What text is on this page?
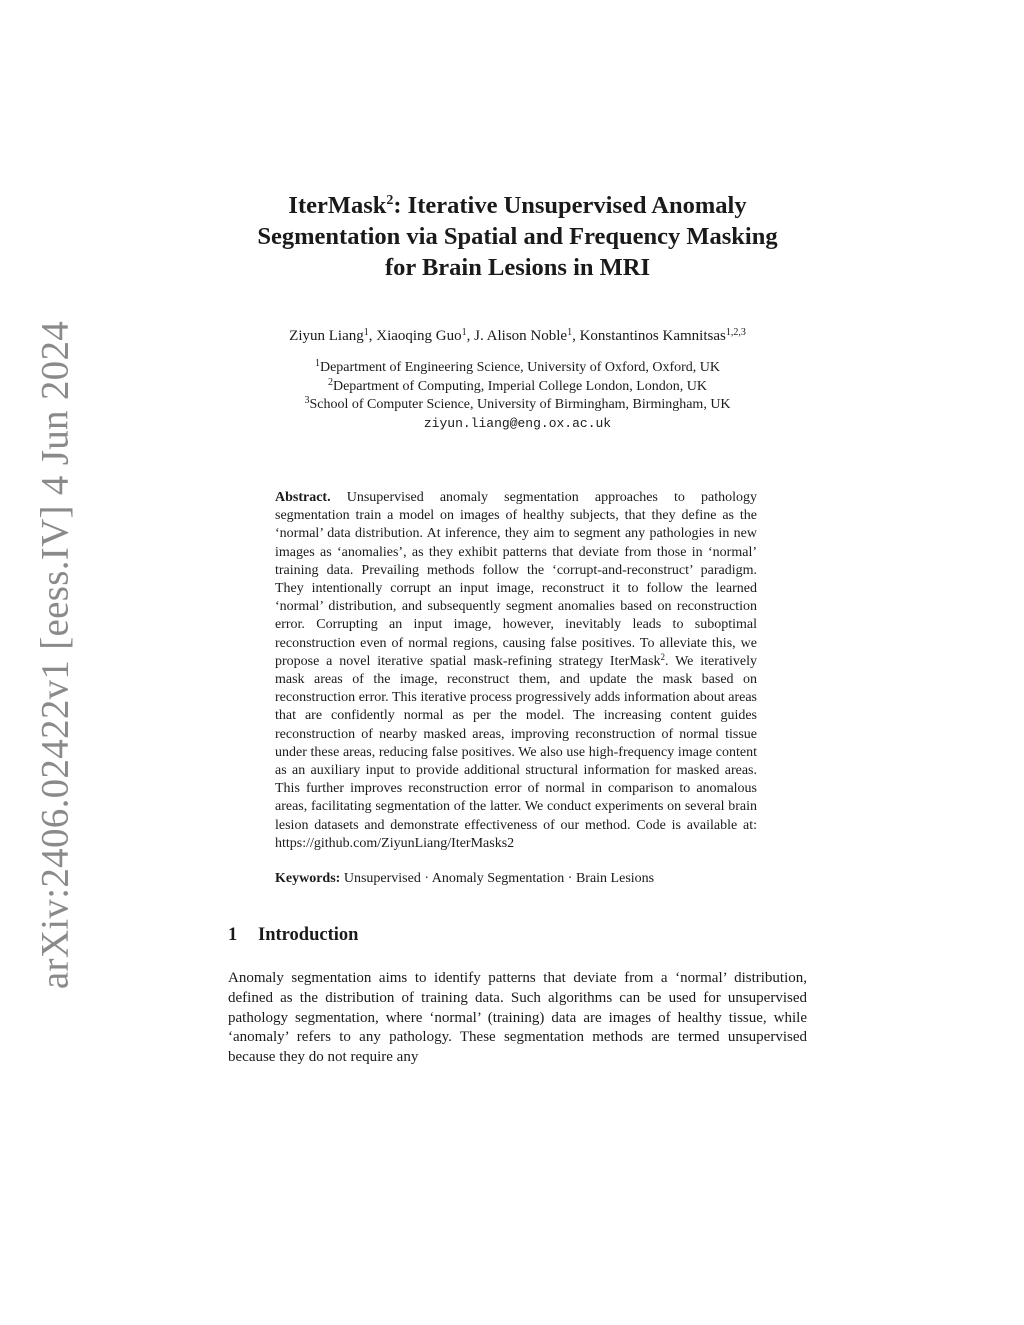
arXiv:2406.02422v1 [eess.IV] 4 Jun 2024
IterMask$^2$: Iterative Unsupervised Anomaly
Segmentation via Spatial and Frequency Masking
for Brain Lesions in MRI
Ziyun Liang$^1$, Xiaoqing Guo$^1$, J. Alison Noble$^1$, Konstantinos Kamnitsas$^{1,2,3}$
$^1$Department of Engineering Science, University of Oxford, Oxford, UK
$^2$Department of Computing, Imperial College London, London, UK
$^3$School of Computer Science, University of Birmingham, Birmingham, UK
ziyun.liang@eng.ox.ac.uk
Abstract. Unsupervised anomaly segmentation approaches to pathology segmentation train a model on images of healthy subjects, that they define as the ‘normal’ data distribution. At inference, they aim to segment any pathologies in new images as ‘anomalies’, as they exhibit patterns that deviate from those in ‘normal’ training data. Prevailing methods follow the ‘corrupt-and-reconstruct’ paradigm. They intentionally corrupt an input image, reconstruct it to follow the learned ‘normal’ distribution, and subsequently segment anomalies based on reconstruction error. Corrupting an input image, however, inevitably leads to suboptimal reconstruction even of normal regions, causing false positives. To alleviate this, we propose a novel iterative spatial mask-refining strategy IterMask$^2$. We iteratively mask areas of the image, reconstruct them, and update the mask based on reconstruction error. This iterative process progressively adds information about areas that are confidently normal as per the model. The increasing content guides reconstruction of nearby masked areas, improving reconstruction of normal tissue under these areas, reducing false positives. We also use high-frequency image content as an auxiliary input to provide additional structural information for masked areas. This further improves reconstruction error of normal in comparison to anomalous areas, facilitating segmentation of the latter. We conduct experiments on several brain lesion datasets and demonstrate effectiveness of our method. Code is available at: https://github.com/ZiyunLiang/IterMasks2
Keywords: Unsupervised · Anomaly Segmentation · Brain Lesions
1 Introduction
Anomaly segmentation aims to identify patterns that deviate from a ‘normal’ distribution, defined as the distribution of training data. Such algorithms can be used for unsupervised pathology segmentation, where ‘normal’ (training) data are images of healthy tissue, while ‘anomaly’ refers to any pathology. These segmentation methods are termed unsupervised because they do not require any
